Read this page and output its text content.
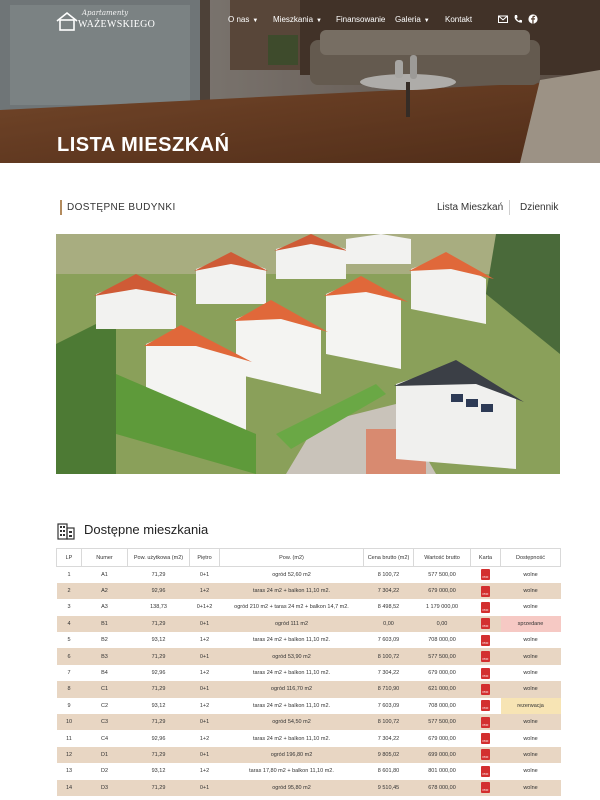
Apartamenty
WAŻEWSKIEGO	O nas ▼ Mieszkania ▼ Finansowanie Galeria ▼ Kontakt
LISTA MIESZKAŃ
DOSTĘPNE BUDYNKI	Lista Mieszkań Dziennik
Dostępne mieszkania
LP	Numer	Pow. użytkowa (m2)	Piętro	Pow. (m2)	Cena brutto (m2)	Wartość brutto	Karta	Dostępność
1	A1	71,29	0+1	ogród 52,60 m2	8 100,72	577 500,00	PDF	wolne
2	A2	92,96	1+2	taras 24 m2 + balkon 11,10 m2.	7 304,22	679 000,00	PDF	wolne
3	A3	138,73	0+1+2	ogród 210 m2 + taras 24 m2 + balkon 14,7 m2.	8 498,52	1 179 000,00	PDF	wolne
4	B1	71,29	0+1	ogród 111 m2	0,00	0,00	PDF	sprzedane
5	B2	93,12	1+2	taras 24 m2 + balkon 11,10 m2.	7 603,09	708 000,00	PDF	wolne
6	B3	71,29	0+1	ogród 53,90 m2	8 100,72	577 500,00	PDF	wolne
7	B4	92,96	1+2	taras 24 m2 + balkon 11,10 m2.	7 304,22	679 000,00	PDF	wolne
8	C1	71,29	0+1	ogród 116,70 m2	8 710,90	621 000,00	PDF	wolne
9	C2	93,12	1+2	taras 24 m2 + balkon 11,10 m2.	7 603,09	708 000,00	PDF	rezerwacja
10	C3	71,29	0+1	ogród 54,50 m2	8 100,72	577 500,00	PDF	wolne
11	C4	92,96	1+2	taras 24 m2 + balkon 11,10 m2.	7 304,22	679 000,00	PDF	wolne
12	D1	71,29	0+1	ogród 196,80 m2	9 805,02	699 000,00	PDF	wolne
13	D2	93,12	1+2	taras 17,80 m2 + balkon 11,10 m2.	8 601,80	801 000,00	PDF	wolne
14	D3	71,29	0+1	ogród 95,80 m2	9 510,45	678 000,00	PDF	wolne
